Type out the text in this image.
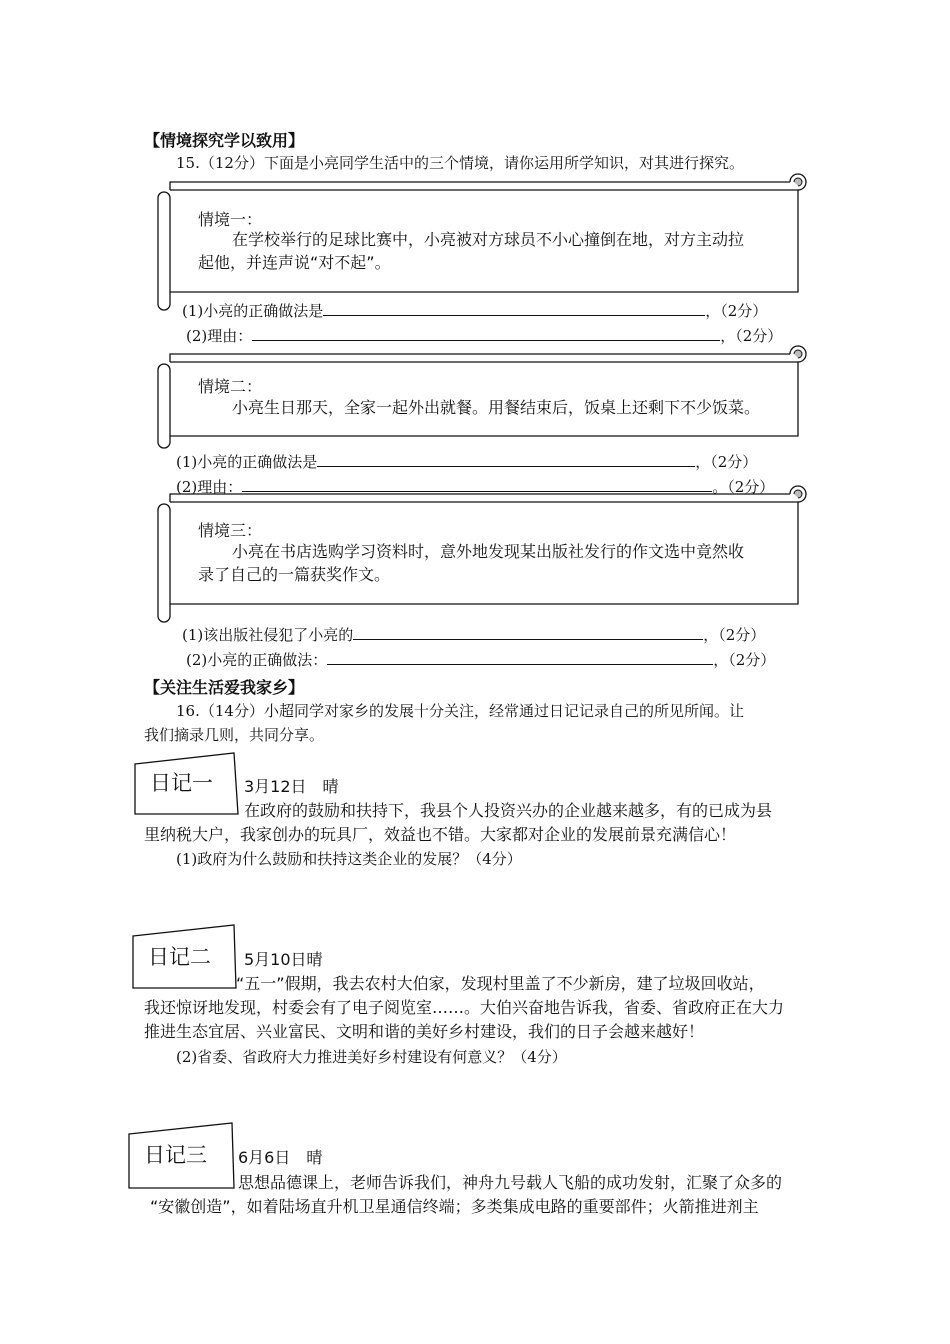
【情境探究学以致用】
15.（12分）下面是小亮同学生活中的三个情境，请你运用所学知识，对其进行探究。
情境一：
在学校举行的足球比赛中，小亮被对方球员不小心撞倒在地，对方主动拉
起他，并连声说“对不起”。
(1)小亮的正确做法是	，（2分）
(2)理由：	，（2分）
情境二：
小亮生日那天，全家一起外出就餐。用餐结束后，饭桌上还剩下不少饭菜。
(1)小亮的正确做法是	，（2分）
(2)理由：	。（2分）
情境三：
小亮在书店选购学习资料时，意外地发现某出版社发行的作文选中竟然收
录了自己的一篇获奖作文。
(1)该出版社侵犯了小亮的	，（2分）
(2)小亮的正确做法：	，（2分）
【关注生活爱我家乡】
16.（14分）小超同学对家乡的发展十分关注，经常通过日记记录自己的所见所闻。让
我们摘录几则，共同分享。
日记一 3月12日　晴
在政府的鼓励和扶持下，我县个人投资兴办的企业越来越多，有的已成为县
里纳税大户，我家创办的玩具厂，效益也不错。大家都对企业的发展前景充满信心！
(1)政府为什么鼓励和扶持这类企业的发展？（4分）
日记二 5月10日晴
“五一”假期，我去农村大伯家，发现村里盖了不少新房，建了垃圾回收站，
我还惊讶地发现，村委会有了电子阅览室……。大伯兴奋地告诉我，省委、省政府正在大力
推进生态宜居、兴业富民、文明和谐的美好乡村建设，我们的日子会越来越好！
(2)省委、省政府大力推进美好乡村建设有何意义？（4分）
日记三 6月6日　晴
思想品德课上，老师告诉我们，神舟九号载人飞船的成功发射，汇聚了众多的
“安徽创造”，如着陆场直升机卫星通信终端；多类集成电路的重要部件；火箭推进剂主
